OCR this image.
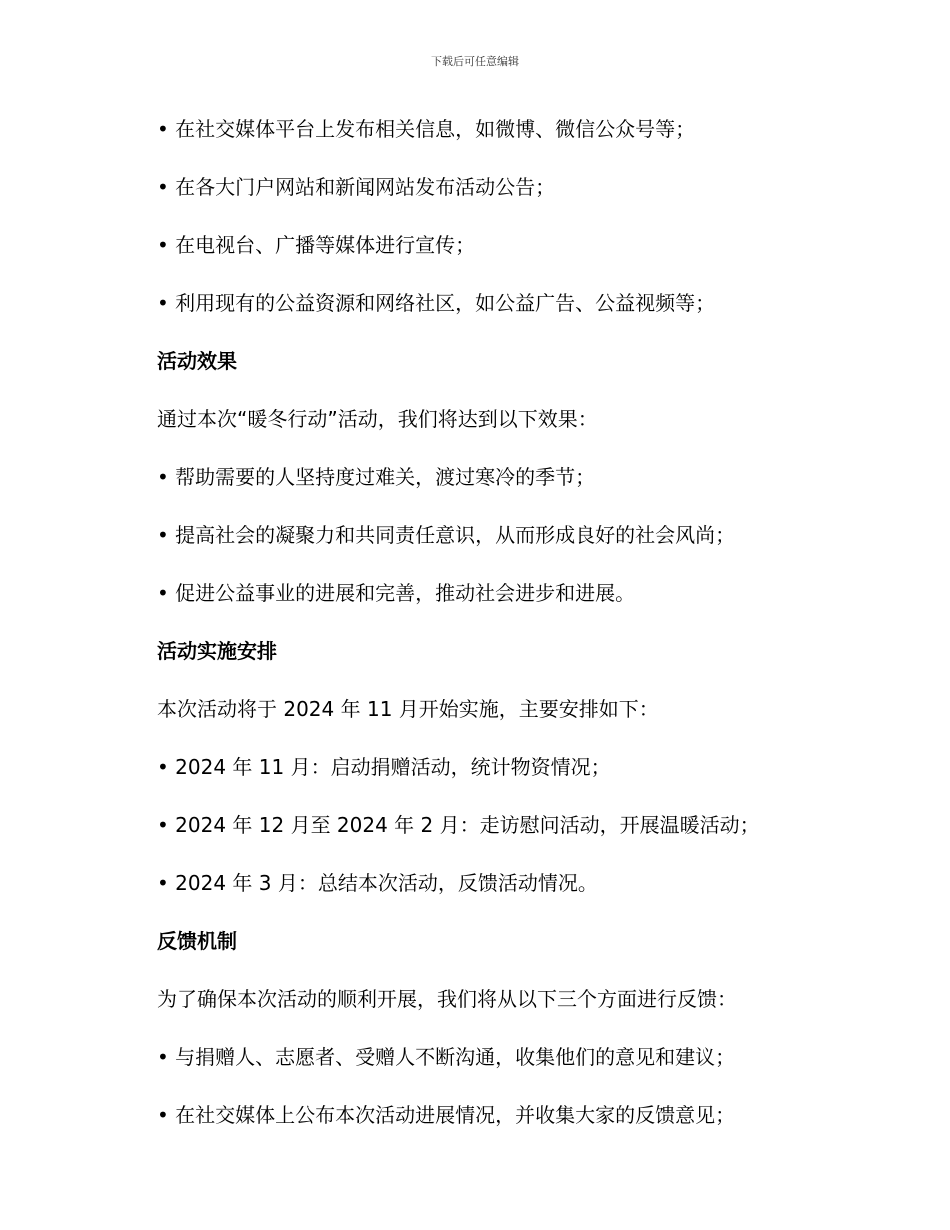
下载后可任意编辑
• 在社交媒体平台上发布相关信息，如微博、微信公众号等；
• 在各大门户网站和新闻网站发布活动公告；
• 在电视台、广播等媒体进行宣传；
• 利用现有的公益资源和网络社区，如公益广告、公益视频等；
活动效果
通过本次“暖冬行动”活动，我们将达到以下效果：
• 帮助需要的人坚持度过难关，渡过寒冷的季节；
• 提高社会的凝聚力和共同责任意识，从而形成良好的社会风尚；
• 促进公益事业的进展和完善，推动社会进步和进展。
活动实施安排
本次活动将于 2024 年 11 月开始实施，主要安排如下：
• 2024 年 11 月：启动捐赠活动，统计物资情况；
• 2024 年 12 月至 2024 年 2 月：走访慰问活动，开展温暖活动；
• 2024 年 3 月：总结本次活动，反馈活动情况。
反馈机制
为了确保本次活动的顺利开展，我们将从以下三个方面进行反馈：
• 与捐赠人、志愿者、受赠人不断沟通，收集他们的意见和建议；
• 在社交媒体上公布本次活动进展情况，并收集大家的反馈意见；
